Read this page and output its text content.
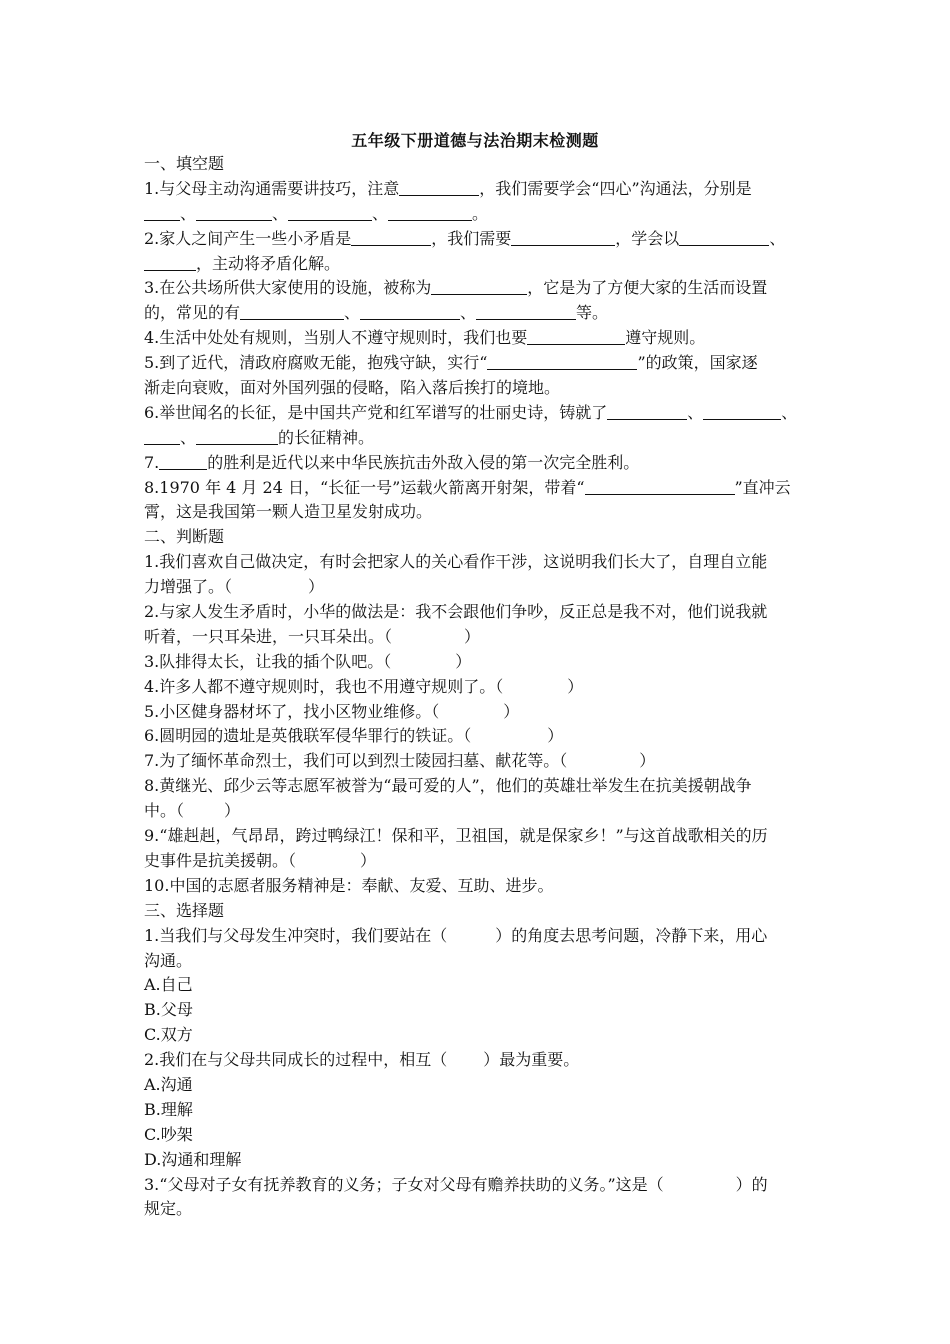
五年级下册道德与法治期末检测题
一、填空题
1.与父母主动沟通需要讲技巧，注意	，我们需要学会“四心”沟通法，分别是
、	、	、	。
2.家人之间产生一些小矛盾是	，我们需要	，学会以	、
，主动将矛盾化解。
3.在公共场所供大家使用的设施，被称为	，它是为了方便大家的生活而设置
的，常见的有	、	、	等。
4.生活中处处有规则，当别人不遵守规则时，我们也要	遵守规则。
5.到了近代，清政府腐败无能，抱残守缺，实行“	”的政策，国家逐
渐走向衰败，面对外国列强的侵略，陷入落后挨打的境地。
6.举世闻名的长征，是中国共产党和红军谱写的壮丽史诗，铸就了	、	、
、	的长征精神。
7.	的胜利是近代以来中华民族抗击外敌入侵的第一次完全胜利。
8.1970 年 4 月 24 日，“长征一号”运载火箭离开射架，带着“	”直冲云
霄，这是我国第一颗人造卫星发射成功。
二、判断题
1.我们喜欢自己做决定，有时会把家人的关心看作干涉，这说明我们长大了，自理自立能
力增强了。（	）
2.与家人发生矛盾时，小华的做法是：我不会跟他们争吵，反正总是我不对，他们说我就
听着，一只耳朵进，一只耳朵出。（	）
3.队排得太长，让我的插个队吧。（	）
4.许多人都不遵守规则时，我也不用遵守规则了。（	）
5.小区健身器材坏了，找小区物业维修。（	）
6.圆明园的遗址是英俄联军侵华罪行的铁证。（	）
7.为了缅怀革命烈士，我们可以到烈士陵园扫墓、献花等。（	）
8.黄继光、邱少云等志愿军被誉为“最可爱的人”，他们的英雄壮举发生在抗美援朝战争
中。（	）
9.“雄赳赳，气昂昂，跨过鸭绿江！保和平，卫祖国，就是保家乡！”与这首战歌相关的历
史事件是抗美援朝。（	）
10.中国的志愿者服务精神是：奉献、友爱、互助、进步。
三、选择题
1.当我们与父母发生冲突时，我们要站在（	）的角度去思考问题，冷静下来，用心
沟通。
A.自己
B.父母
C.双方
2.我们在与父母共同成长的过程中，相互（ ）最为重要。
A.沟通
B.理解
C.吵架
D.沟通和理解
3.“父母对子女有抚养教育的义务；子女对父母有赡养扶助的义务。”这是（	）的
规定。
